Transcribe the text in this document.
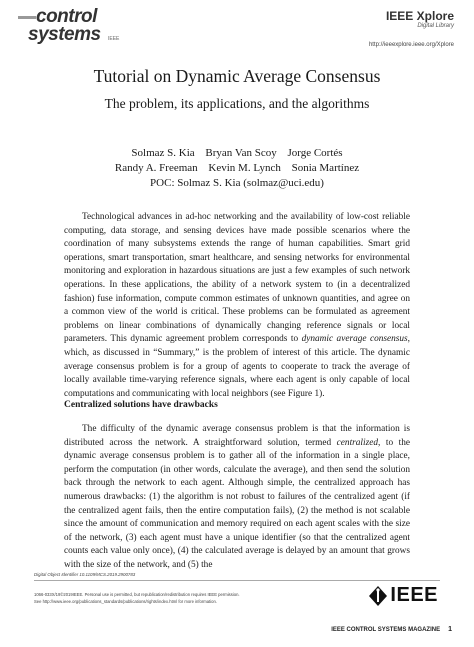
control
systems IEEE
IEEE Xplore
Digital Library
http://ieeexplore.ieee.org/Xplore
Tutorial on Dynamic Average Consensus
The problem, its applications, and the algorithms
Solmaz S. Kia Bryan Van Scoy Jorge Cortés
Randy A. Freeman Kevin M. Lynch Sonia Martínez
POC: Solmaz S. Kia (solmaz@uci.edu)

Technological advances in ad-hoc networking and the availability of low-cost reliable computing, data storage, and sensing devices have made possible scenarios where the coordination of many subsystems extends the range of human capabilities. Smart grid operations, smart transportation, smart healthcare, and sensing networks for environmental monitoring and exploration in hazardous situations are just a few examples of such network operations. In these applications, the ability of a network system to (in a decentralized fashion) fuse information, compute common estimates of unknown quantities, and agree on a common view of the world is critical. These problems can be formulated as agreement problems on linear combinations of dynamically changing reference signals or local parameters. This dynamic agreement problem corresponds to dynamic average consensus, which, as discussed in “Summary,” is the problem of interest of this article. The dynamic average consensus problem is for a group of agents to cooperate to track the average of locally available time-varying reference signals, where each agent is only capable of local computations and communicating with local neighbors (see Figure 1).

Centralized solutions have drawbacks

The difficulty of the dynamic average consensus problem is that the information is distributed across the network. A straightforward solution, termed centralized, to the dynamic average consensus problem is to gather all of the information in a single place, perform the computation (in other words, calculate the average), and then send the solution back through the network to each agent. Although simple, the centralized approach has numerous drawbacks: (1) the algorithm is not robust to failures of the centralized agent (if the centralized agent fails, then the entire computation fails), (2) the method is not scalable since the amount of communication and memory required on each agent scales with the size of the network, (3) each agent must have a unique identifier (so that the centralized agent counts each value only once), (4) the calculated average is delayed by an amount that grows with the size of the network, and (5) the

Digital Object Identifier 10.1109/MCS.2019.2900783
1066-033X/19©2019IEEE. Personal use is permitted, but republication/redistribution requires IEEE permission.
See http://www.ieee.org/publications_standards/publications/rights/index.html for more information.	IEEE
IEEE CONTROL SYSTEMS MAGAZINE 1
